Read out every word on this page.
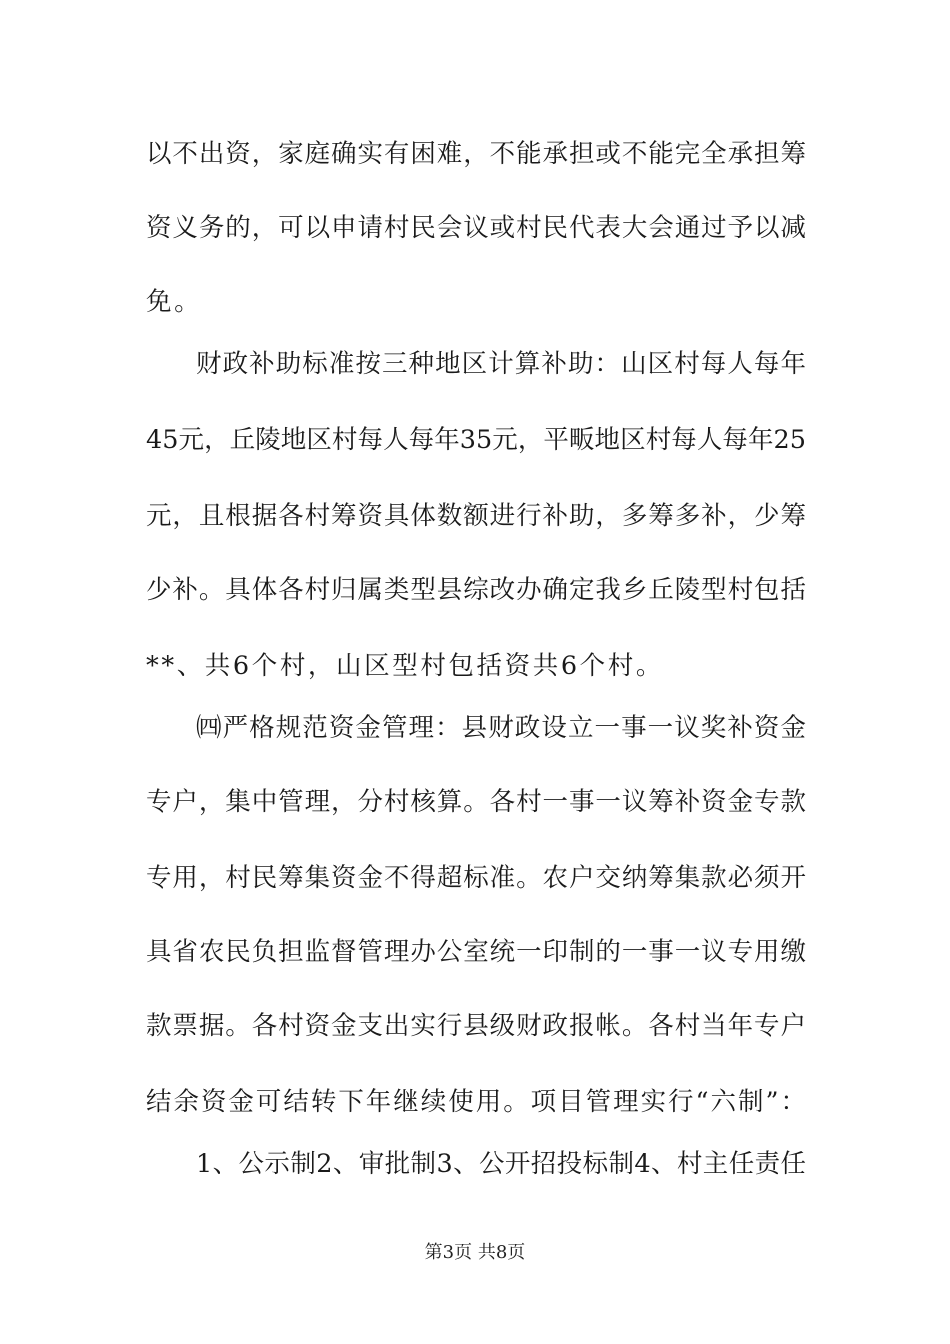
以不出资，家庭确实有困难，不能承担或不能完全承担筹
资义务的，可以申请村民会议或村民代表大会通过予以减
免。
财政补助标准按三种地区计算补助：山区村每人每年
45元，丘陵地区村每人每年35元，平畈地区村每人每年25
元，且根据各村筹资具体数额进行补助，多筹多补，少筹
少补。具体各村归属类型县综改办确定我乡丘陵型村包括
**、共6个村，山区型村包括资共6个村。
㈣严格规范资金管理：县财政设立一事一议奖补资金
专户，集中管理，分村核算。各村一事一议筹补资金专款
专用，村民筹集资金不得超标准。农户交纳筹集款必须开
具省农民负担监督管理办公室统一印制的一事一议专用缴
款票据。各村资金支出实行县级财政报帐。各村当年专户
结余资金可结转下年继续使用。项目管理实行“六制”：
1、公示制2、审批制3、公开招投标制4、村主任责任
第3页 共8页
